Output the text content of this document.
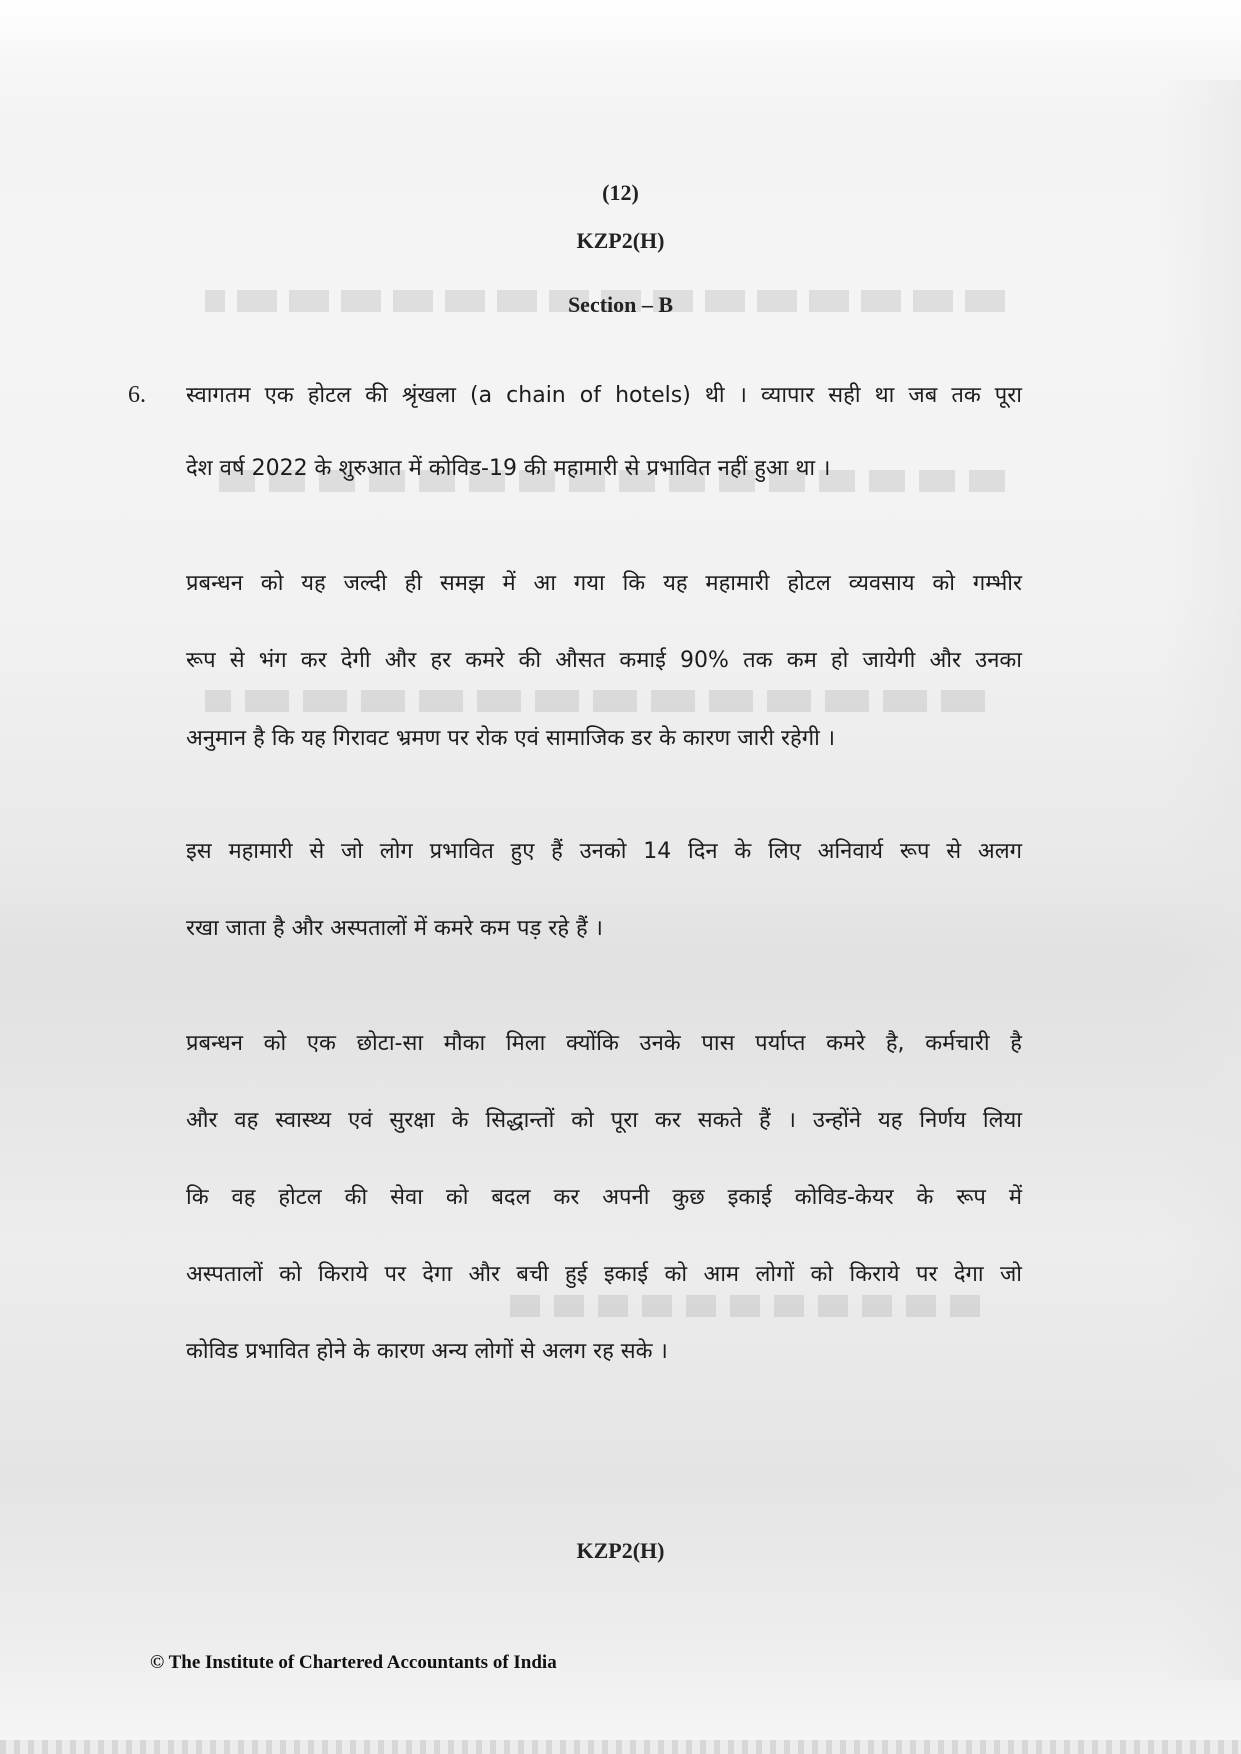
(12)
KZP2(H)
Section – B
6. स्वागतम एक होटल की श्रृंखला (a chain of hotels) थी । व्यापार सही था जब तक पूरा
देश वर्ष 2022 के शुरुआत में कोविड-19 की महामारी से प्रभावित नहीं हुआ था ।
प्रबन्धन को यह जल्दी ही समझ में आ गया कि यह महामारी होटल व्यवसाय को गम्भीर
रूप से भंग कर देगी और हर कमरे की औसत कमाई 90% तक कम हो जायेगी और उनका
अनुमान है कि यह गिरावट भ्रमण पर रोक एवं सामाजिक डर के कारण जारी रहेगी ।
इस महामारी से जो लोग प्रभावित हुए हैं उनको 14 दिन के लिए अनिवार्य रूप से अलग
रखा जाता है और अस्पतालों में कमरे कम पड़ रहे हैं ।
प्रबन्धन को एक छोटा-सा मौका मिला क्योंकि उनके पास पर्याप्त कमरे है, कर्मचारी है
और वह स्वास्थ्य एवं सुरक्षा के सिद्धान्तों को पूरा कर सकते हैं । उन्होंने यह निर्णय लिया
कि वह होटल की सेवा को बदल कर अपनी कुछ इकाई कोविड-केयर के रूप में
अस्पतालों को किराये पर देगा और बची हुई इकाई को आम लोगों को किराये पर देगा जो
कोविड प्रभावित होने के कारण अन्य लोगों से अलग रह सके ।
KZP2(H)
© The Institute of Chartered Accountants of India
